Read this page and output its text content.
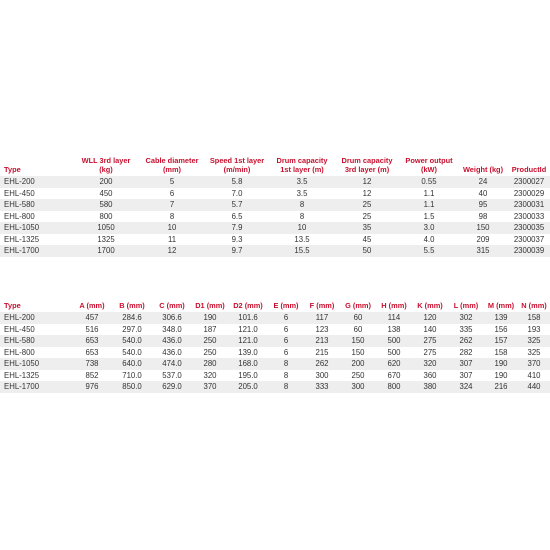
Type	WLL 3rd layer (kg)	Cable diameter (mm)	Speed 1st layer (m/min)	Drum capacity 1st layer (m)	Drum capacity 3rd layer (m)	Power output (kW)	Weight (kg)	ProductId
EHL-200	200	5	5.8	3.5	12	0.55	24	2300027
EHL-450	450	6	7.0	3.5	12	1.1	40	2300029
EHL-580	580	7	5.7	8	25	1.1	95	2300031
EHL-800	800	8	6.5	8	25	1.5	98	2300033
EHL-1050	1050	10	7.9	10	35	3.0	150	2300035
EHL-1325	1325	11	9.3	13.5	45	4.0	209	2300037
EHL-1700	1700	12	9.7	15.5	50	5.5	315	2300039
Type	A (mm)	B (mm)	C (mm)	D1 (mm)	D2 (mm)	E (mm)	F (mm)	G (mm)	H (mm)	K (mm)	L (mm)	M (mm)	N (mm)
EHL-200	457	284.6	306.6	190	101.6	6	117	60	114	120	302	139	158
EHL-450	516	297.0	348.0	187	121.0	6	123	60	138	140	335	156	193
EHL-580	653	540.0	436.0	250	121.0	6	213	150	500	275	262	157	325
EHL-800	653	540.0	436.0	250	139.0	6	215	150	500	275	282	158	325
EHL-1050	738	640.0	474.0	280	168.0	8	262	200	620	320	307	190	370
EHL-1325	852	710.0	537.0	320	195.0	8	300	250	670	360	307	190	410
EHL-1700	976	850.0	629.0	370	205.0	8	333	300	800	380	324	216	440
